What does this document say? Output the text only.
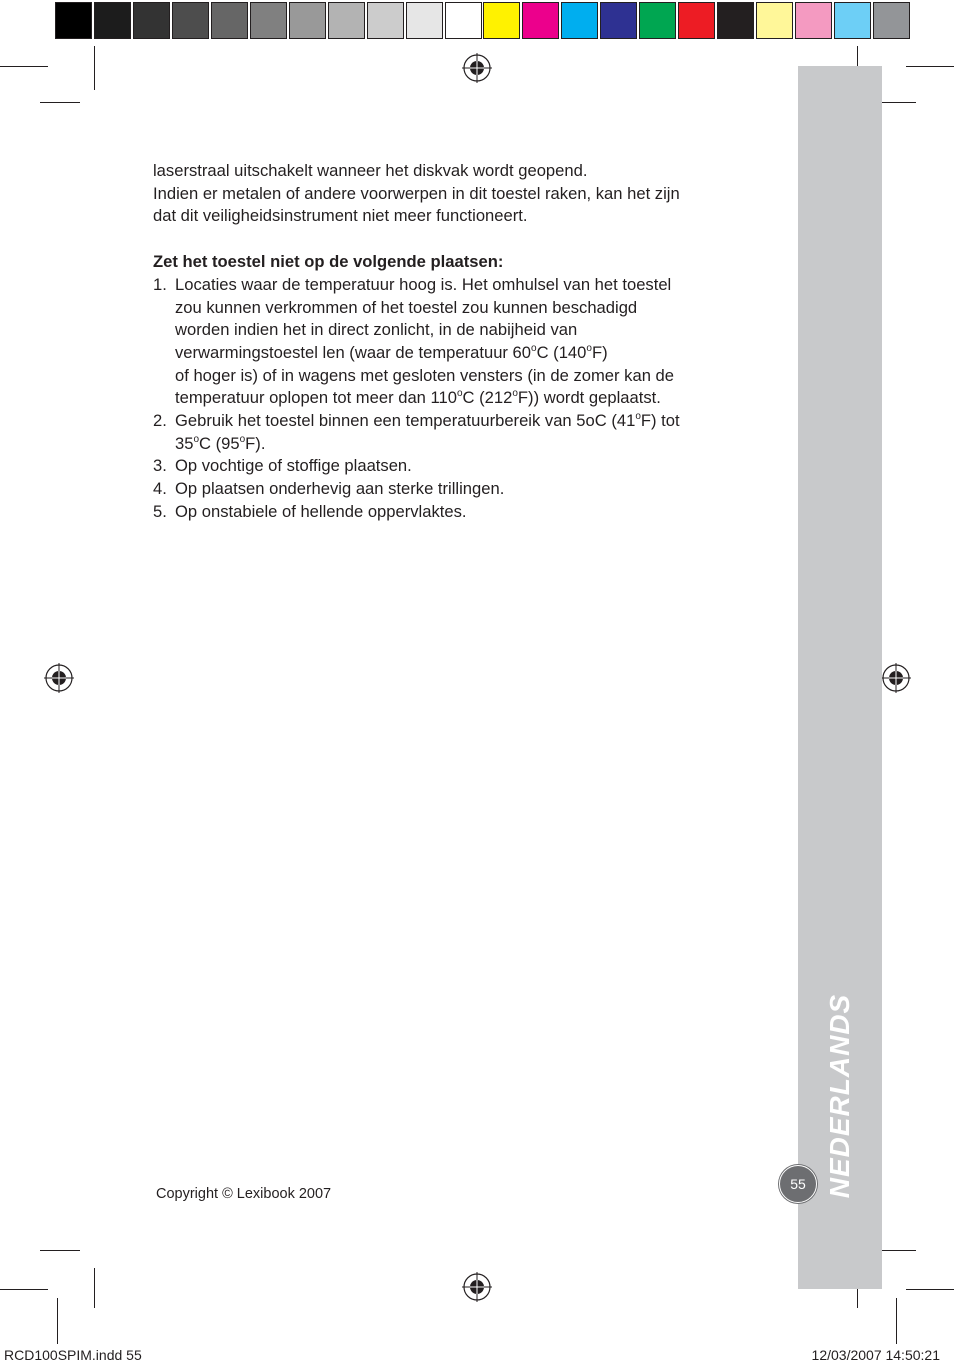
NEDERLANDS
55

laserstraal uitschakelt wanneer het diskvak wordt geopend.

Indien er metalen of andere voorwerpen in dit toestel raken, kan het zijn

dat dit veiligheidsinstrument niet meer functioneert.

Zet het toestel niet op de volgende plaatsen:

1. Locaties waar de temperatuur hoog is. Het omhulsel van het toestel
zou kunnen verkrommen of het toestel zou kunnen beschadigd
worden indien het in direct zonlicht, in de nabijheid van
verwarmingstoestel len (waar de temperatuur 60$^o$C (140$^o$F)
of hoger is) of in wagens met gesloten vensters (in de zomer kan de
temperatuur oplopen tot meer dan 110$^o$C (212$^o$F)) wordt geplaatst.
2. Gebruik het toestel binnen een temperatuurbereik van 5oC (41$^o$F) tot
35$^o$C (95$^o$F).
3. Op vochtige of stoffige plaatsen.
4. Op plaatsen onderhevig aan sterke trillingen.
5. Op onstabiele of hellende oppervlaktes.
Copyright © Lexibook 2007
RCD100SPIM.indd 55	12/03/2007 14:50:21
